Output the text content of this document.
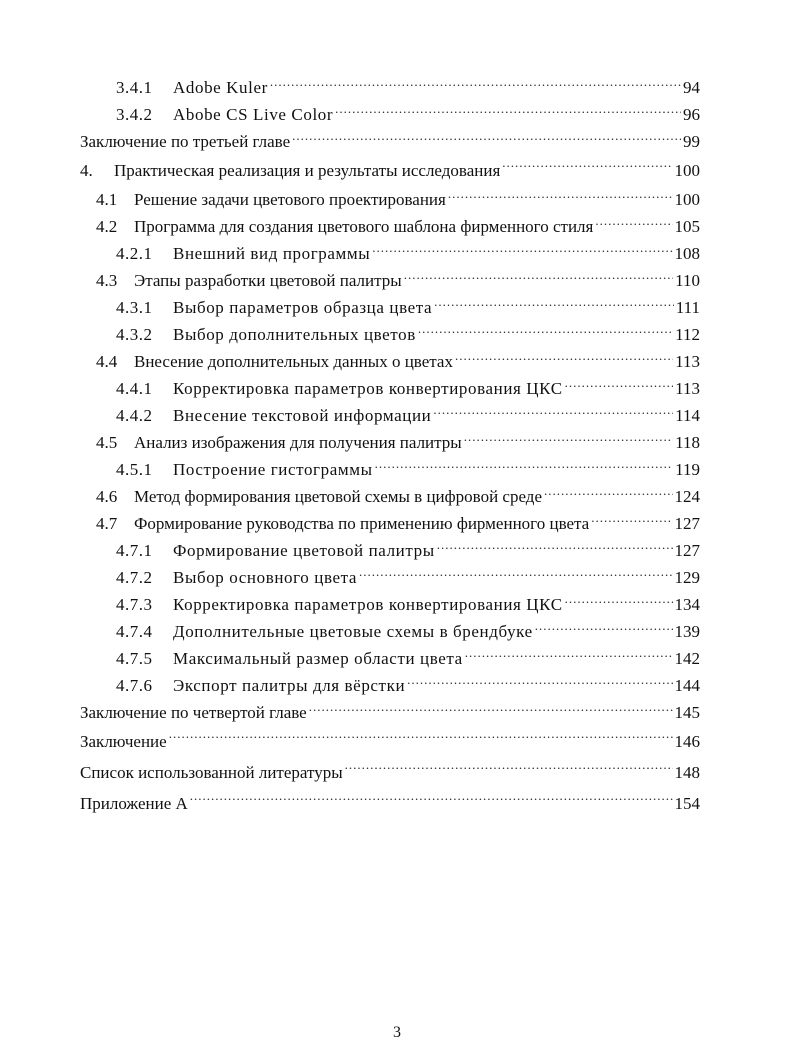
3.4.1	Adobe Kuler .....	94
3.4.2	Abobe CS Live Color .....	96
Заключение по третьей главе .....	99
4.	Практическая реализация и результаты исследования .....	100
4.1 Решение задачи цветового проектирования .....	100
4.2 Программа для создания цветового шаблона фирменного стиля .....	105
4.2.1	Внешний вид программы .....	108
4.3 Этапы разработки цветовой палитры .....	110
4.3.1	Выбор параметров образца цвета .....	111
4.3.2	Выбор дополнительных цветов .....	112
4.4 Внесение дополнительных данных о цветах .....	113
4.4.1	Корректировка параметров конвертирования ЦКС .....	113
4.4.2	Внесение текстовой информации .....	114
4.5 Анализ изображения для получения палитры .....	118
4.5.1	Построение гистограммы .....	119
4.6 Метод формирования цветовой схемы в цифровой среде .....	124
4.7 Формирование руководства по применению фирменного цвета .....	127
4.7.1	Формирование цветовой палитры .....	127
4.7.2	Выбор основного цвета .....	129
4.7.3	Корректировка параметров конвертирования ЦКС .....	134
4.7.4	Дополнительные цветовые схемы в брендбуке .....	139
4.7.5	Максимальный размер области цвета .....	142
4.7.6	Экспорт палитры для вёрстки .....	144
Заключение по четвертой главе .....	145
Заключение .....	146
Список использованной литературы .....	148
Приложение А .....	154
3
